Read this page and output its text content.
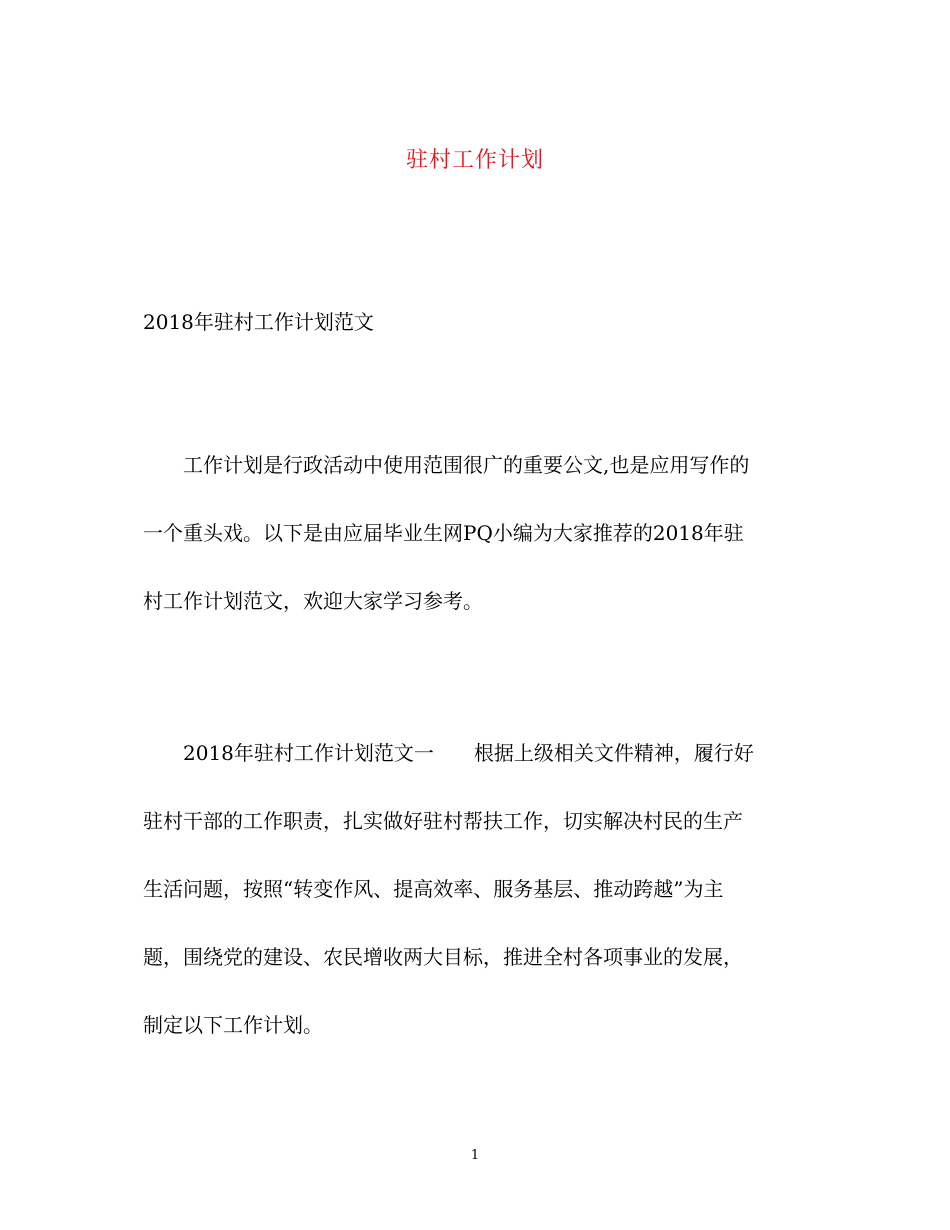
驻村工作计划
2018年驻村工作计划范文
　　工作计划是行政活动中使用范围很广的重要公文,也是应用写作的
一个重头戏。以下是由应届毕业生网PQ小编为大家推荐的2018年驻
村工作计划范文，欢迎大家学习参考。
　　2018年驻村工作计划范文一　　根据上级相关文件精神，履行好
驻村干部的工作职责，扎实做好驻村帮扶工作，切实解决村民的生产
生活问题，按照“转变作风、提高效率、服务基层、推动跨越”为主
题，围绕党的建设、农民增收两大目标，推进全村各项事业的发展，
制定以下工作计划。
1
